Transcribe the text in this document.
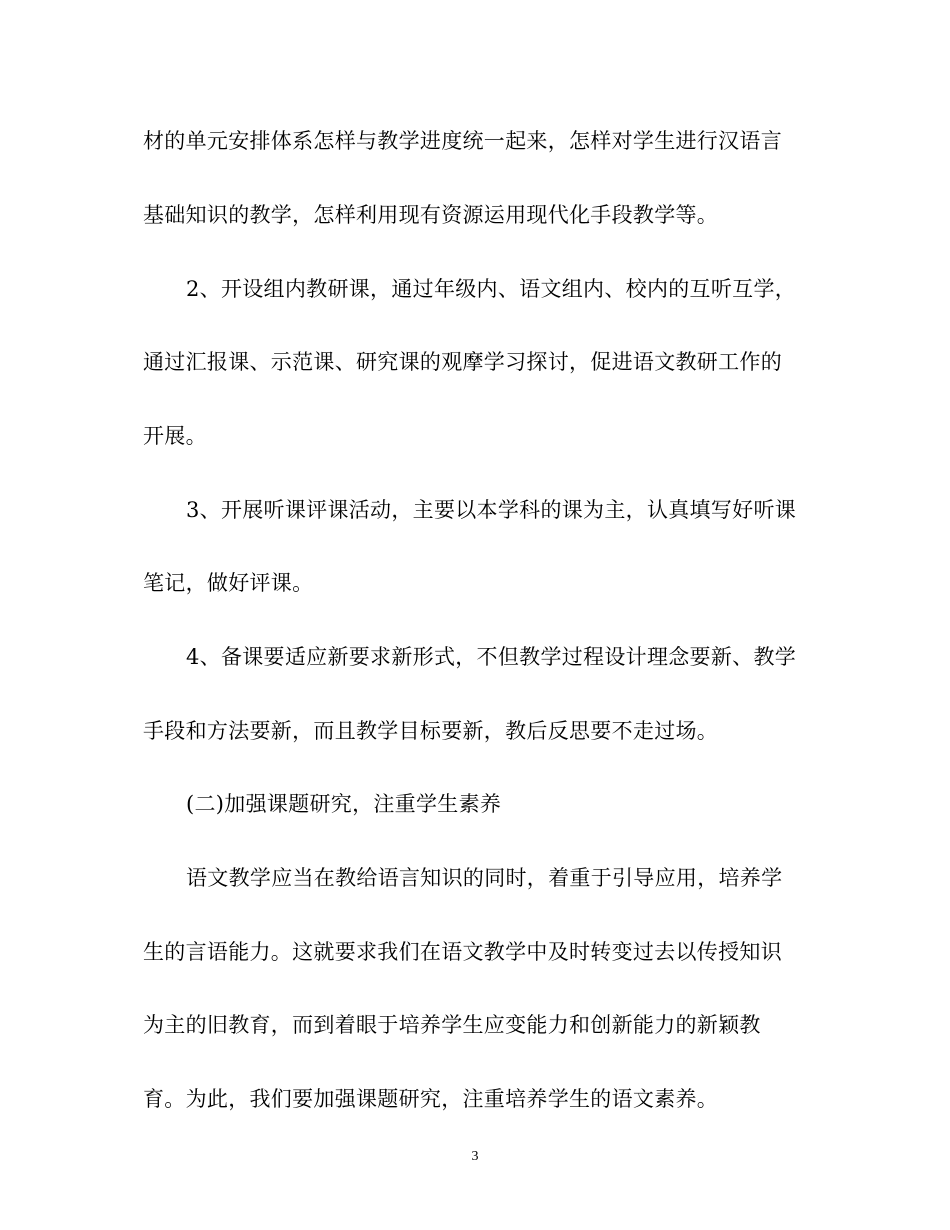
材的单元安排体系怎样与教学进度统一起来，怎样对学生进行汉语言
基础知识的教学，怎样利用现有资源运用现代化手段教学等。
2、开设组内教研课，通过年级内、语文组内、校内的互听互学，
通过汇报课、示范课、研究课的观摩学习探讨，促进语文教研工作的
开展。
3、开展听课评课活动，主要以本学科的课为主，认真填写好听课
笔记，做好评课。
4、备课要适应新要求新形式，不但教学过程设计理念要新、教学
手段和方法要新，而且教学目标要新，教后反思要不走过场。
(二)加强课题研究，注重学生素养
语文教学应当在教给语言知识的同时，着重于引导应用，培养学
生的言语能力。这就要求我们在语文教学中及时转变过去以传授知识
为主的旧教育，而到着眼于培养学生应变能力和创新能力的新颖教
育。为此，我们要加强课题研究，注重培养学生的语文素养。
3
